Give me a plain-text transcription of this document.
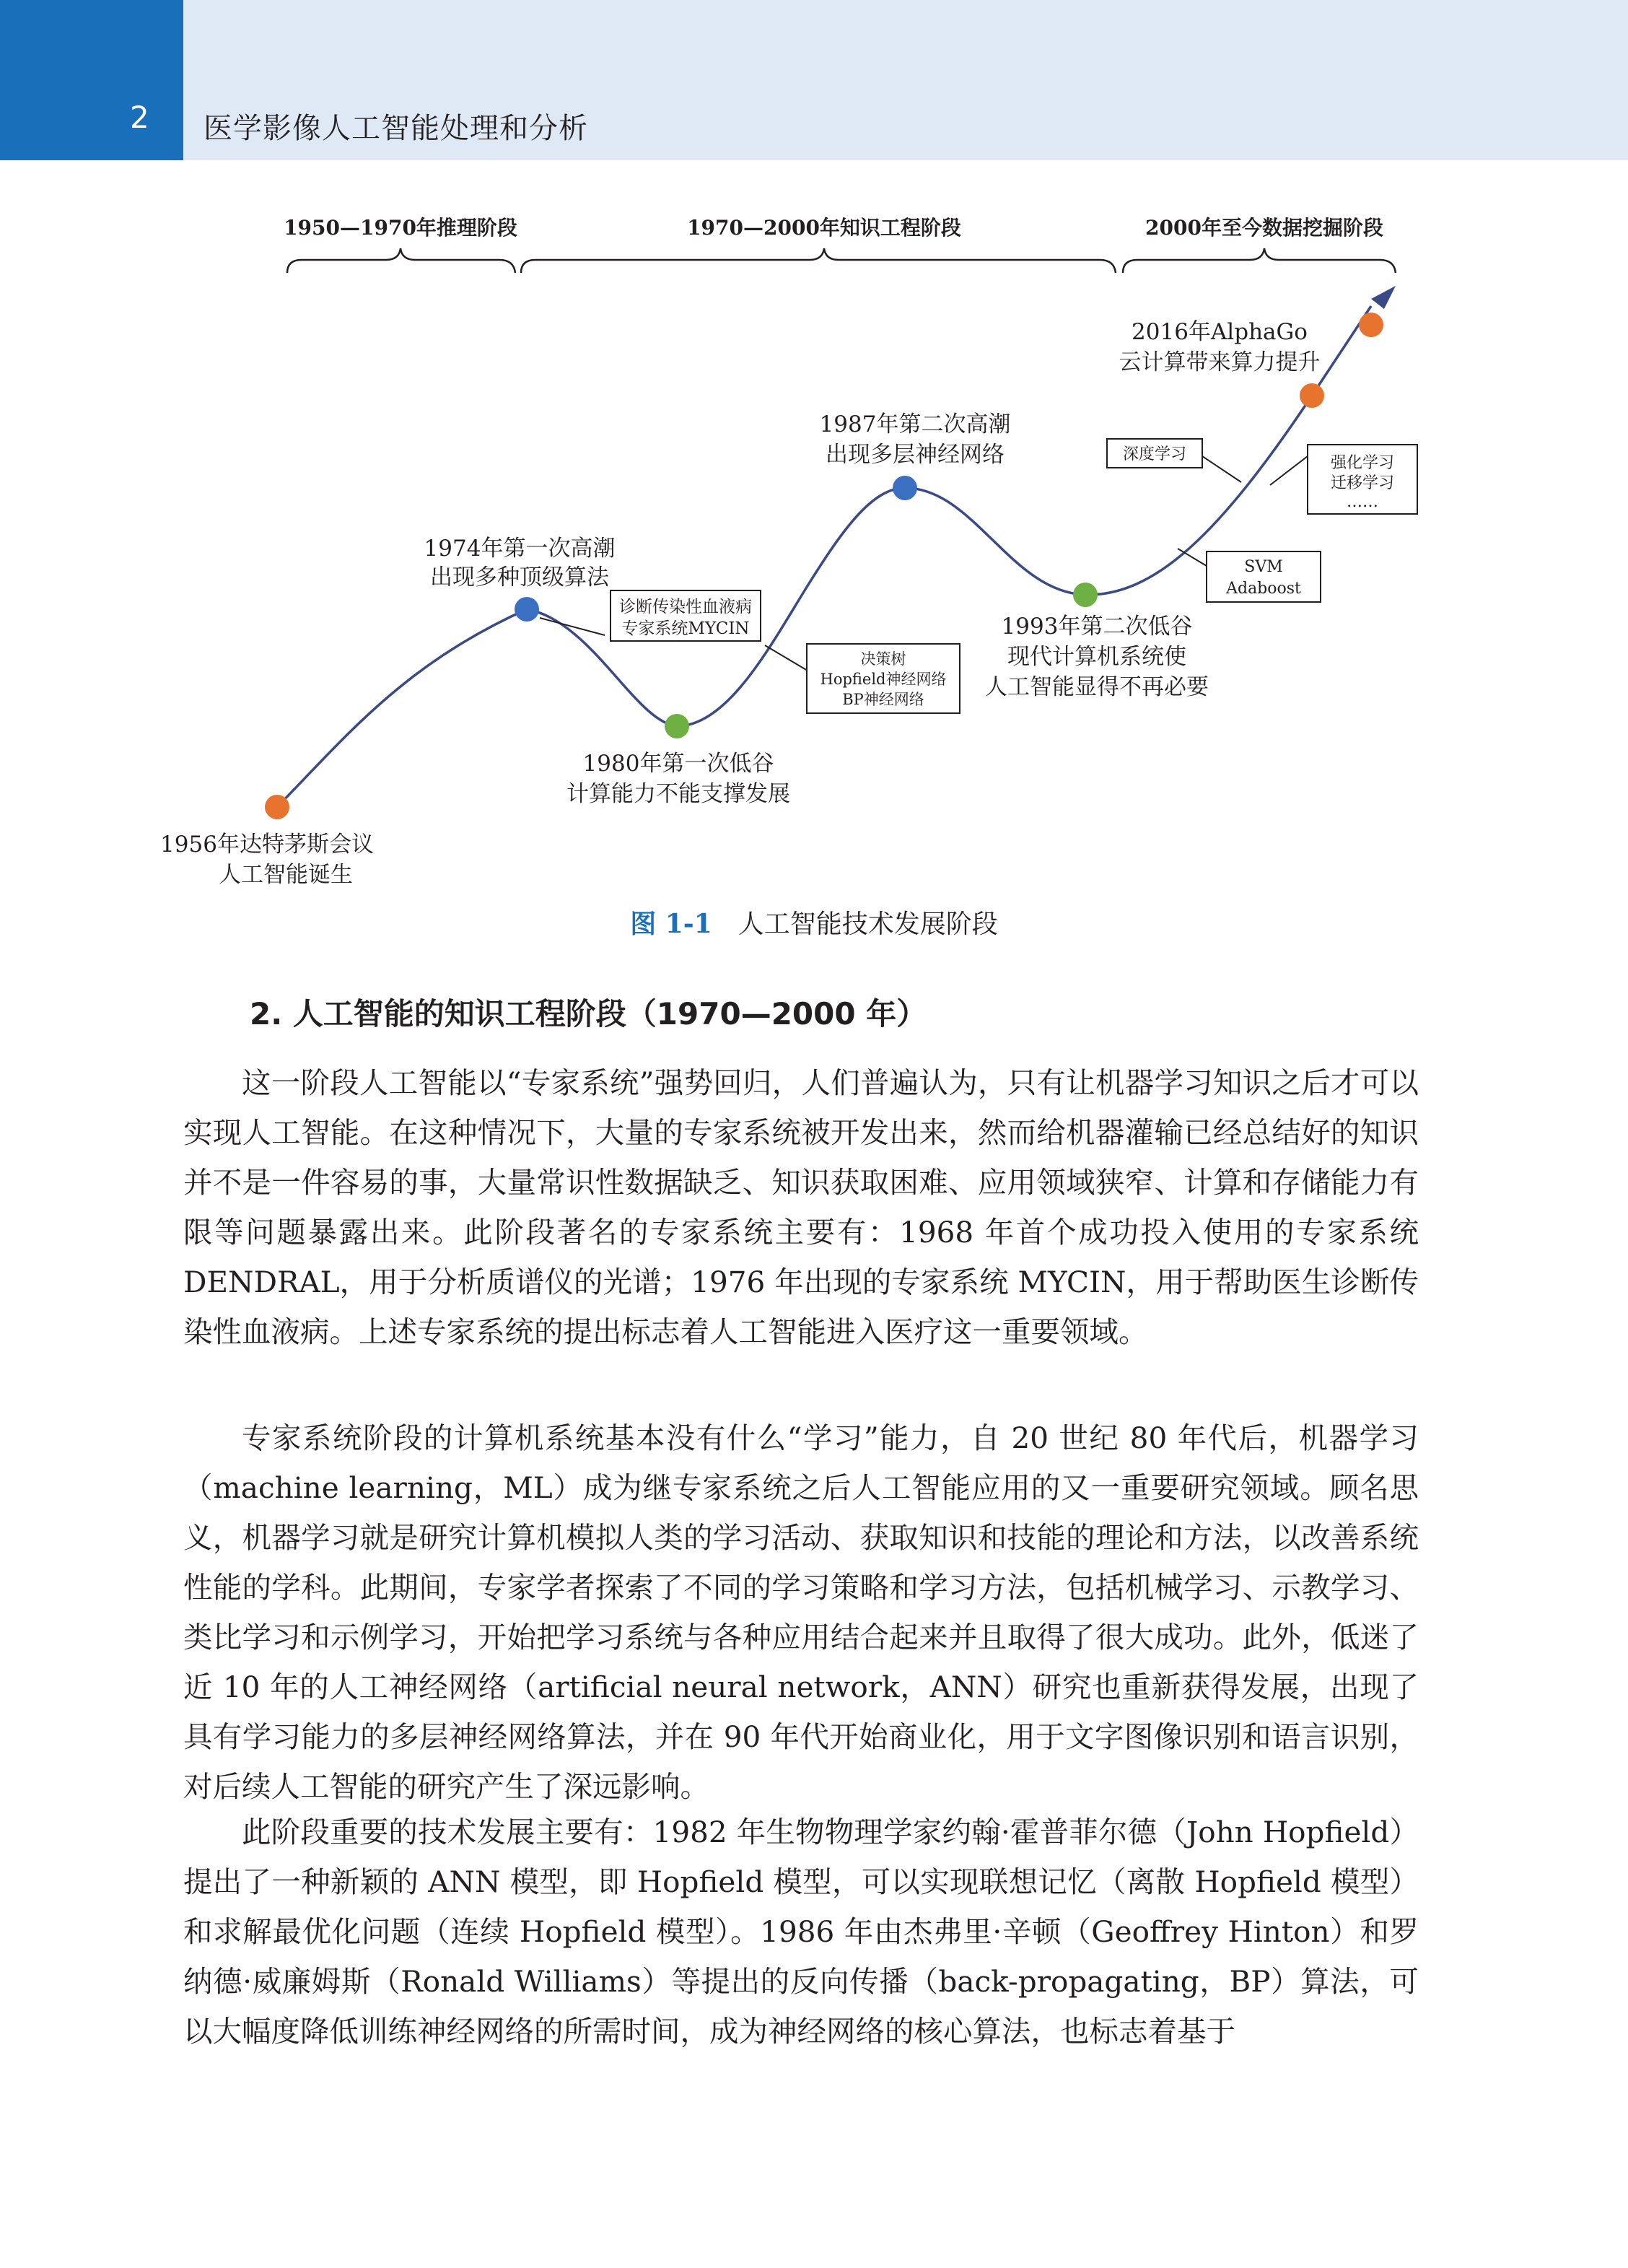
2 医学影像人工智能处理和分析
1950—1970年推理阶段	1970—2000年知识工程阶段	2000年至今数据挖掘阶段
诊断传染性血液病
专家系统MYCIN
决策树
Hopfield神经网络
BP神经网络
SVM
Adaboost
深度学习	强化学习
迁移学习
……
1956年达特茅斯会议
人工智能诞生
1974年第一次高潮
出现多种顶级算法
1980年第一次低谷
计算能力不能支撑发展
1987年第二次高潮
出现多层神经网络
1993年第二次低谷
现代计算机系统使
人工智能显得不再必要
2016年AlphaGo
云计算带来算力提升
图 1-1 人工智能技术发展阶段
2. 人工智能的知识工程阶段（1970—2000 年）

这一阶段人工智能以“专家系统”强势回归，人们普遍认为，只有让机器学习知识之后才可以实现人工智能。在这种情况下，大量的专家系统被开发出来，然而给机器灌输已经总结好的知识并不是一件容易的事，大量常识性数据缺乏、知识获取困难、应用领域狭窄、计算和存储能力有限等问题暴露出来。此阶段著名的专家系统主要有：1968 年首个成功投入使用的专家系统 DENDRAL，用于分析质谱仪的光谱；1976 年出现的专家系统 MYCIN，用于帮助医生诊断传染性血液病。上述专家系统的提出标志着人工智能进入医疗这一重要领域。

专家系统阶段的计算机系统基本没有什么“学习”能力，自 20 世纪 80 年代后，机器学习（machine learning，ML）成为继专家系统之后人工智能应用的又一重要研究领域。顾名思义，机器学习就是研究计算机模拟人类的学习活动、获取知识和技能的理论和方法，以改善系统性能的学科。此期间，专家学者探索了不同的学习策略和学习方法，包括机械学习、示教学习、类比学习和示例学习，开始把学习系统与各种应用结合起来并且取得了很大成功。此外，低迷了近 10 年的人工神经网络（artificial neural network，ANN）研究也重新获得发展，出现了具有学习能力的多层神经网络算法，并在 90 年代开始商业化，用于文字图像识别和语言识别，对后续人工智能的研究产生了深远影响。

此阶段重要的技术发展主要有：1982 年生物物理学家约翰·霍普菲尔德（John Hopfield）提出了一种新颖的 ANN 模型，即 Hopfield 模型，可以实现联想记忆（离散 Hopfield 模型）和求解最优化问题（连续 Hopfield 模型）。1986 年由杰弗里·辛顿（Geoffrey Hinton）和罗纳德·威廉姆斯（Ronald Williams）等提出的反向传播（back-propagating，BP）算法，可以大幅度降低训练神经网络的所需时间，成为神经网络的核心算法，也标志着基于
